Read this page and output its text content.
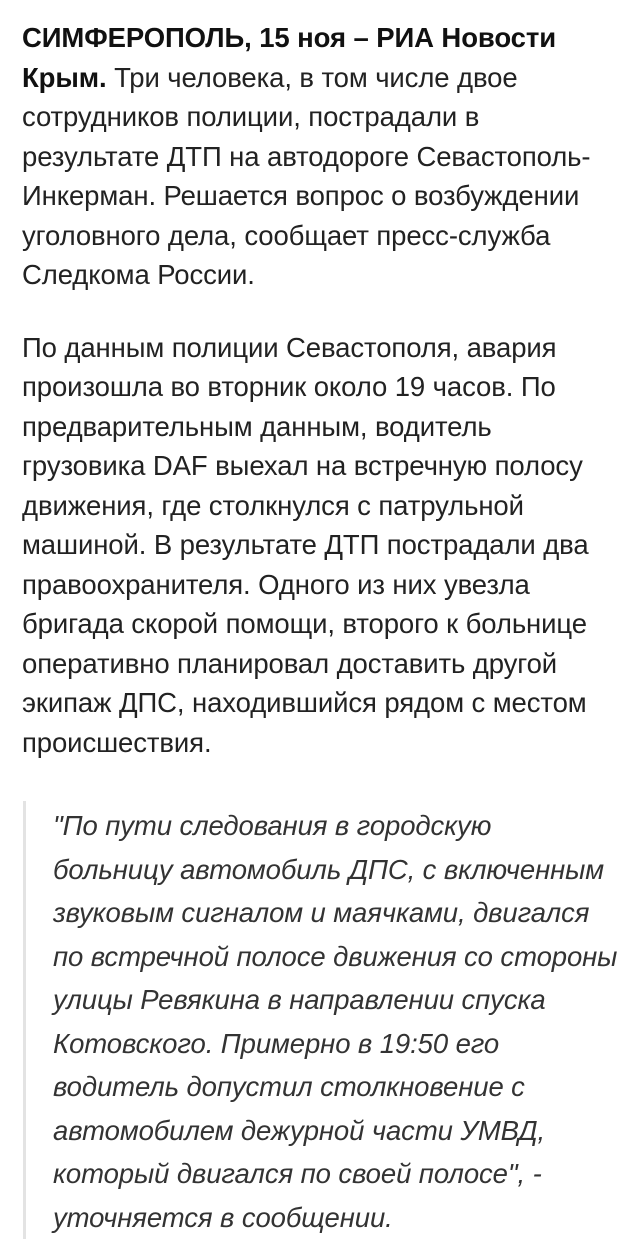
СИМФЕРОПОЛЬ, 15 ноя – РИА Новости Крым. Три человека, в том числе двое сотрудников полиции, пострадали в результате ДТП на автодороге Севастополь-Инкерман. Решается вопрос о возбуждении уголовного дела, сообщает пресс-служба Следкома России.

По данным полиции Севастополя, авария произошла во вторник около 19 часов. По предварительным данным, водитель грузовика DAF выехал на встречную полосу движения, где столкнулся с патрульной машиной. В результате ДТП пострадали два правоохранителя. Одного из них увезла бригада скорой помощи, второго к больнице оперативно планировал доставить другой экипаж ДПС, находившийся рядом с местом происшествия.

"По пути следования в городскую больницу автомобиль ДПС, с включенным звуковым сигналом и маячками, двигался по встречной полосе движения со стороны улицы Ревякина в направлении спуска Котовского. Примерно в 19:50 его водитель допустил столкновение с автомобилем дежурной части УМВД, который двигался по своей полосе", - уточняется в сообщении.
